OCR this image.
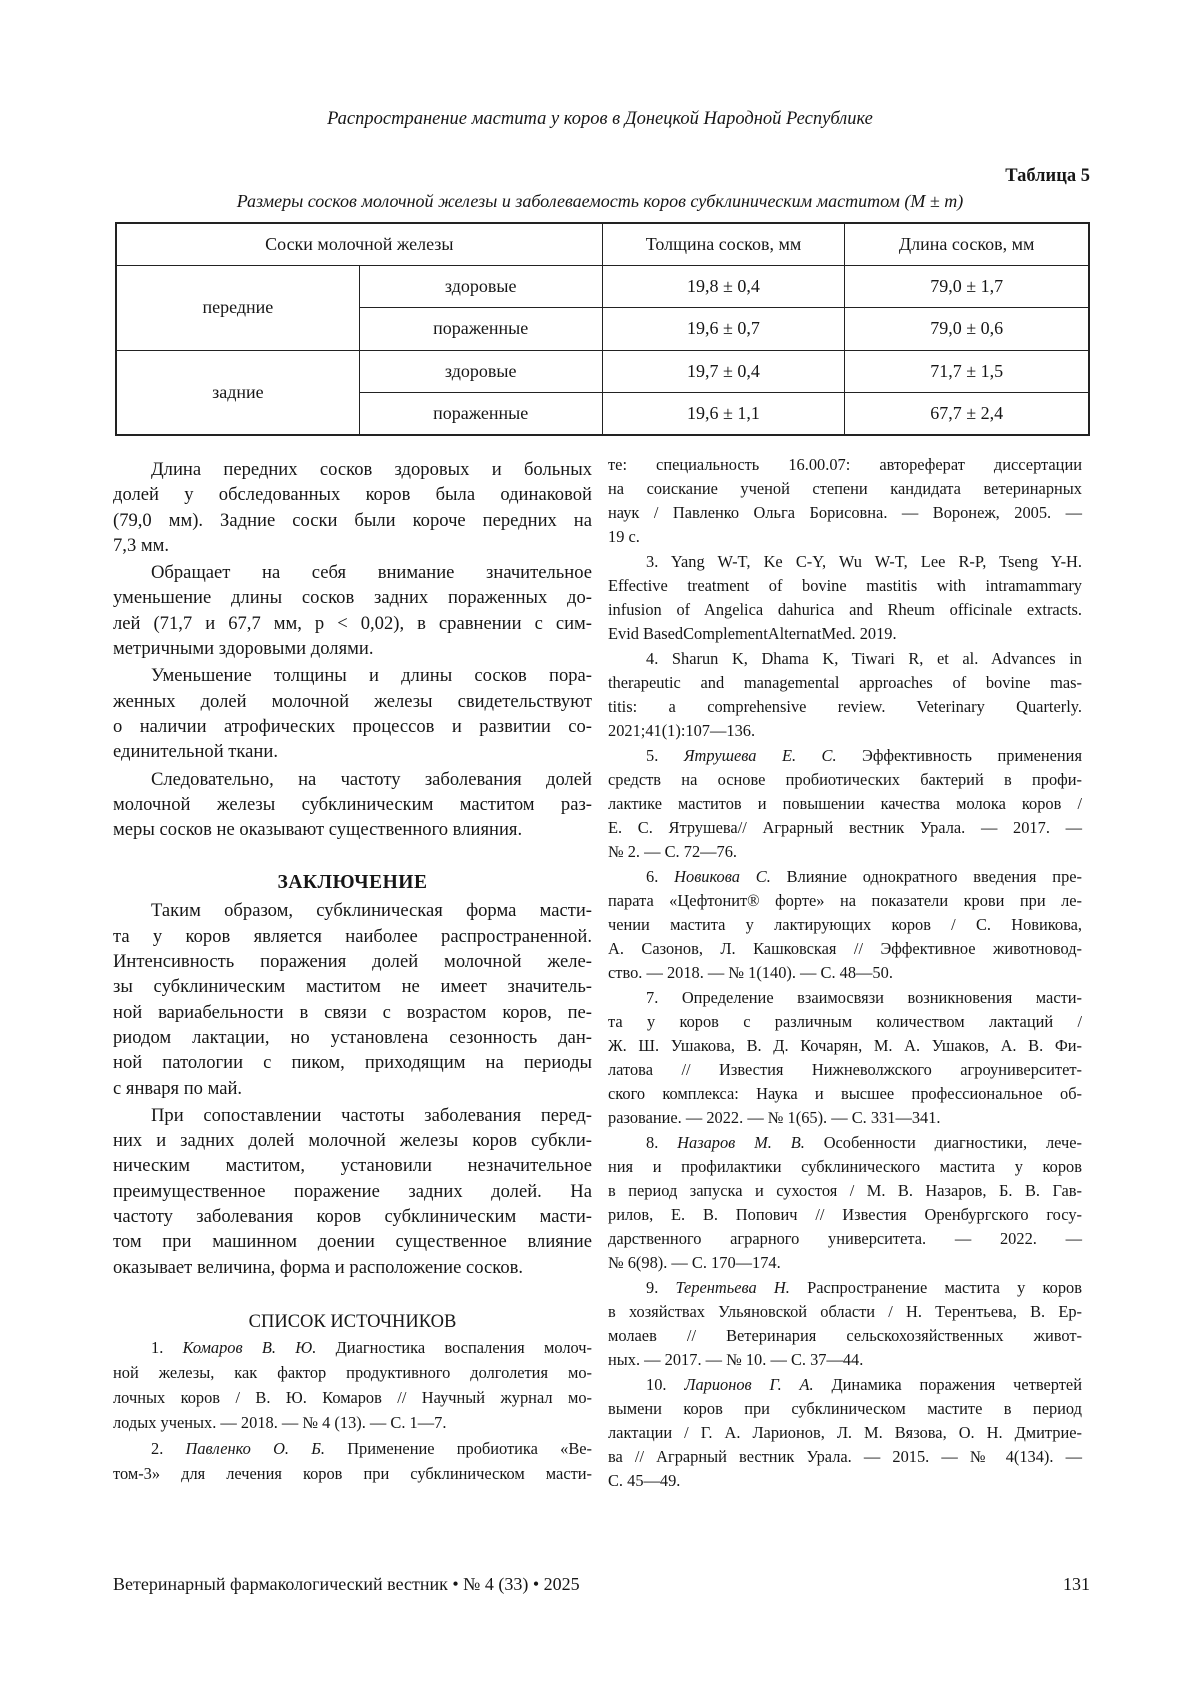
Распространение мастита у коров в Донецкой Народной Республике
Таблица 5
Размеры сосков молочной железы и заболеваемость коров субклиническим маститом (M ± m)
Соски молочной железы		Толщина сосков, мм	Длина сосков, мм
передние	здоровые	19,8 ± 0,4	79,0 ± 1,7
	пораженные	19,6 ± 0,7	79,0 ± 0,6
задние	здоровые	19,7 ± 0,4	71,7 ± 1,5
	пораженные	19,6 ± 1,1	67,7 ± 2,4
Длина передних сосков здоровых и больных
долей у обследованных коров была одинаковой
(79,0 мм). Задние соски были короче передних на
7,3 мм.
Обращает на себя внимание значительное
уменьшение длины сосков задних пораженных до-
лей (71,7 и 67,7 мм, p < 0,02), в сравнении с сим-
метричными здоровыми долями.
Уменьшение толщины и длины сосков пора-
женных долей молочной железы свидетельствуют
о наличии атрофических процессов и развитии со-
единительной ткани.
Следовательно, на частоту заболевания долей
молочной железы субклиническим маститом раз-
меры сосков не оказывают существенного влияния.
ЗАКЛЮЧЕНИЕ
Таким образом, субклиническая форма масти-
та у коров является наиболее распространенной.
Интенсивность поражения долей молочной желе-
зы субклиническим маститом не имеет значитель-
ной вариабельности в связи с возрастом коров, пе-
риодом лактации, но установлена сезонность дан-
ной патологии с пиком, приходящим на периоды
с января по май.
При сопоставлении частоты заболевания перед-
них и задних долей молочной железы коров субкли-
ническим маститом, установили незначительное
преимущественное поражение задних долей. На
частоту заболевания коров субклиническим масти-
том при машинном доении существенное влияние
оказывает величина, форма и расположение сосков.
СПИСОК ИСТОЧНИКОВ
1. Комаров В. Ю. Диагностика воспаления молоч-
ной железы, как фактор продуктивного долголетия мо-
лочных коров / В. Ю. Комаров // Научный журнал мо-
лодых ученых. — 2018. — № 4 (13). — С. 1—7.
2. Павленко О. Б. Применение пробиотика «Ве-
том-3» для лечения коров при субклиническом масти-
те: специальность 16.00.07: автореферат диссертации
на соискание ученой степени кандидата ветеринарных
наук / Павленко Ольга Борисовна. — Воронеж, 2005. —
19 с.
3. Yang W-T, Ke C-Y, Wu W-T, Lee R-P, Tseng Y-H.
Effective treatment of bovine mastitis with intramammary
infusion of Angelica dahurica and Rheum officinale extracts.
Evid BasedComplementAlternatMed. 2019.
4. Sharun K, Dhama K, Tiwari R, et al. Advances in
therapeutic and managemental approaches of bovine mas-
titis: a comprehensive review. Veterinary Quarterly.
2021;41(1):107—136.
5. Ятрушева Е. С. Эффективность применения
средств на основе пробиотических бактерий в профи-
лактике маститов и повышении качества молока коров /
Е. С. Ятрушева// Аграрный вестник Урала. — 2017. —
№ 2. — С. 72—76.
6. Новикова С. Влияние однократного введения пре-
парата «Цефтонит® форте» на показатели крови при ле-
чении мастита у лактирующих коров / С. Новикова,
А. Сазонов, Л. Кашковская // Эффективное животновод-
ство. — 2018. — № 1(140). — С. 48—50.
7. Определение взаимосвязи возникновения масти-
та у коров с различным количеством лактаций /
Ж. Ш. Ушакова, В. Д. Кочарян, М. А. Ушаков, А. В. Фи-
латова // Известия Нижневолжского агроуниверситет-
ского комплекса: Наука и высшее профессиональное об-
разование. — 2022. — № 1(65). — С. 331—341.
8. Назаров М. В. Особенности диагностики, лече-
ния и профилактики субклинического мастита у коров
в период запуска и сухостоя / М. В. Назаров, Б. В. Гав-
рилов, Е. В. Попович // Известия Оренбургского госу-
дарственного аграрного университета. — 2022. —
№ 6(98). — С. 170—174.
9. Терентьева Н. Распространение мастита у коров
в хозяйствах Ульяновской области / Н. Терентьева, В. Ер-
молаев // Ветеринария сельскохозяйственных живот-
ных. — 2017. — № 10. — С. 37—44.
10. Ларионов Г. А. Динамика поражения четвертей
вымени коров при субклиническом мастите в период
лактации / Г. А. Ларионов, Л. М. Вязова, О. Н. Дмитрие-
ва // Аграрный вестник Урала. — 2015. — № 4(134). —
С. 45—49.
Ветеринарный фармакологический вестник • № 4 (33) • 2025	131
